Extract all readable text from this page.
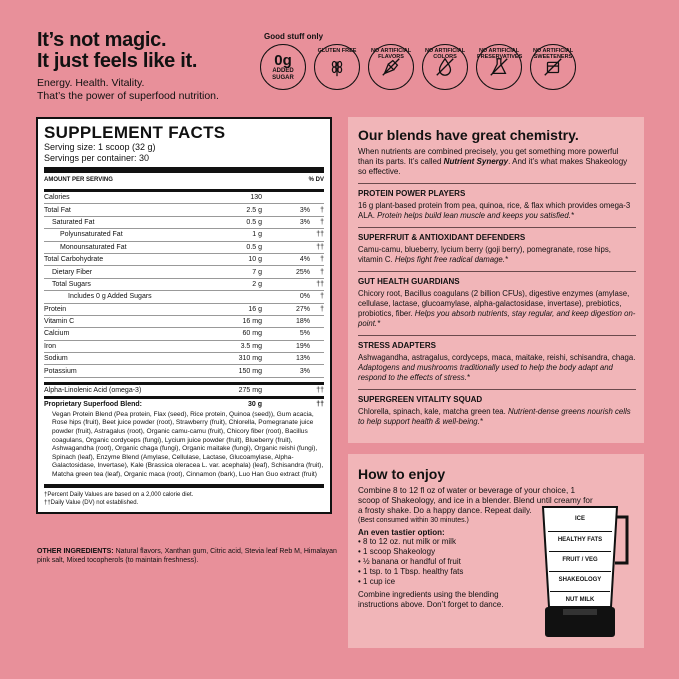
It’s not magic.
It just feels like it.
Energy. Health. Vitality.
That’s the power of superfood nutrition.
Good stuff only
0g
ADDED
SUGAR
GLUTEN FREE	NO ARTIFICIAL FLAVORS
NO ARTIFICIAL COLORS
NO ARTIFICIAL PRESERVATIVES
NO ARTIFICIAL SWEETENERS
SUPPLEMENT FACTS
Serving size: 1 scoop (32 g)
Servings per container: 30
AMOUNT PER SERVING	% DV
Calories	130
Total Fat	2.5 g	3%	†
Saturated Fat	0.5 g	3%	†
Polyunsaturated Fat	1 g	††
Monounsaturated Fat	0.5 g	††
Total Carbohydrate	10 g	4%	†
Dietary Fiber	7 g	25%	†
Total Sugars	2 g	††
Includes 0 g Added Sugars	0%	†
Protein	16 g	27%	†
Vitamin C	16 mg	18%
Calcium	60 mg	5%
Iron	3.5 mg	19%
Sodium	310 mg	13%
Potassium	150 mg	3%
Alpha-Linolenic Acid (omega-3)	275 mg	††
Proprietary Superfood Blend:	30 g	††
Vegan Protein Blend (Pea protein, Flax (seed), Rice protein, Quinoa (seed)), Gum acacia, Rose hips (fruit), Beet juice powder (root), Strawberry (fruit), Chlorella, Pomegranate juice powder (fruit), Astragalus (root), Organic camu-camu (fruit), Chicory fiber (root), Bacillus coagulans, Organic cordyceps (fungi), Lycium juice powder (fruit), Blueberry (fruit), Ashwagandha (root), Organic chaga (fungi), Organic maitake (fungi), Organic reishi (fungi), Spinach (leaf), Enzyme Blend (Amylase, Cellulase, Lactase, Glucoamylase, Alpha-Galactosidase, Invertase), Kale (Brassica oleracea L. var. acephala) (leaf), Schisandra (fruit), Matcha green tea (leaf), Organic maca (root), Cinnamon (bark), Luo Han Guo extract (fruit)
†Percent Daily Values are based on a 2,000 calorie diet.
††Daily Value (DV) not established.
OTHER INGREDIENTS: Natural flavors, Xanthan gum, Citric acid, Stevia leaf Reb M, Himalayan pink salt, Mixed tocopherols (to maintain freshness).
Our blends have great chemistry.

When nutrients are combined precisely, you get something more powerful than its parts. It’s called Nutrient Synergy. And it’s what makes Shakeology so effective.

PROTEIN POWER PLAYERS

16 g plant-based protein from pea, quinoa, rice, & flax which provides omega-3 ALA. Protein helps build lean muscle and keeps you satisfied.*

SUPERFRUIT & ANTIOXIDANT DEFENDERS

Camu-camu, blueberry, lycium berry (goji berry), pomegranate, rose hips, vitamin C. Helps fight free radical damage.*

GUT HEALTH GUARDIANS

Chicory root, Bacillus coagulans (2 billion CFUs), digestive enzymes (amylase, cellulase, lactase, glucoamylase, alpha-galactosidase, invertase), prebiotics, probiotics, fiber. Helps you absorb nutrients, stay regular, and keep digestion on-point.*

STRESS ADAPTERS

Ashwagandha, astragalus, cordyceps, maca, maitake, reishi, schisandra, chaga. Adaptogens and mushrooms traditionally used to help the body adapt and respond to the effects of stress.*

SUPERGREEN VITALITY SQUAD

Chlorella, spinach, kale, matcha green tea. Nutrient-dense greens nourish cells to help support health & well-being.*

How to enjoy

Combine 8 to 12 fl oz of water or beverage of your choice, 1 scoop of Shakeology, and ice in a blender. Blend until creamy for a frosty shake. Do a happy dance. Repeat daily.

(Best consumed within 30 minutes.)

An even tastier option:

• 8 to 12 oz. nut milk or milk
• 1 scoop Shakeology
• ½ banana or handful of fruit
• 1 tsp. to 1 Tbsp. healthy fats
• 1 cup ice

Combine ingredients using the blending instructions above. Don’t forget to dance.

ICE
HEALTHY FATS
FRUIT / VEG
SHAKEOLOGY
NUT MILK
